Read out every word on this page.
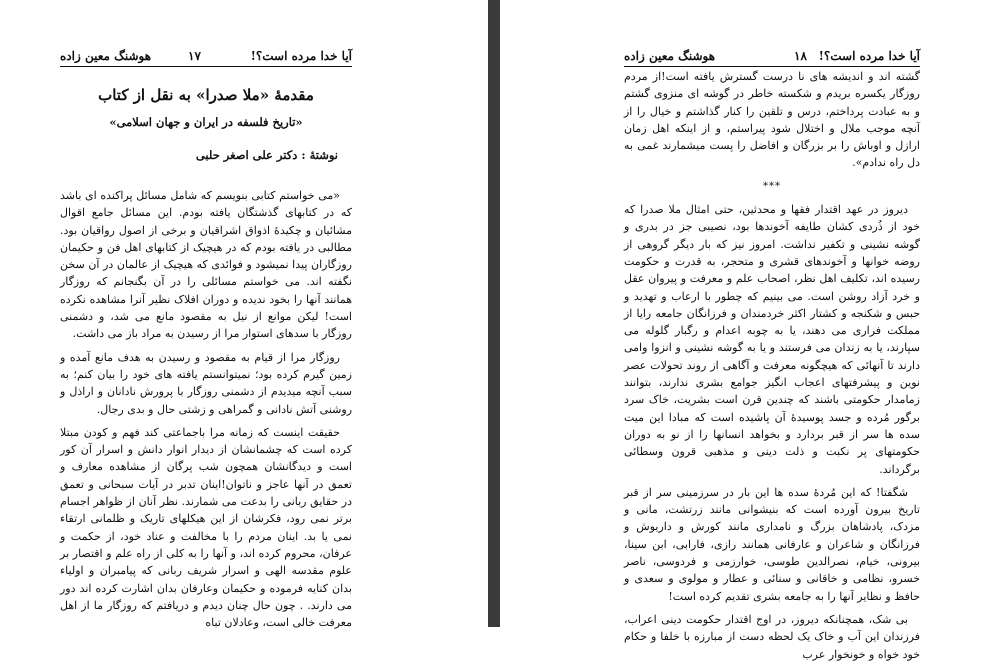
هوشنگ معین زاده	۱۷	آیا خدا مرده است؟!
مقدمهٔ «ملا صدرا» به نقل از کتاب
«تاریخ فلسفه در ایران و جهان اسلامی»
نوشتهٔ : دکتر علی اصغر حلبی

«می خواستم کتابی بنویسم که شامل مسائل پراکنده ای باشد که در کتابهای گذشتگان یافته بودم. این مسائل جامع اقوال مشائیان و چکیدهٔ اذواق اشراقیان و برخی از اصول رواقیان بود. مطالبی در یافته بودم که در هیچیک از کتابهای اهل فن و حکیمان روزگاران پیدا نمیشود و فوائدی که هیچیک از عالمان در آن سخن نگفته اند. می خواستم مسائلی را در آن بگنجانم که روزگار همانند آنها را بخود ندیده و دوران افلاک نظیر آنرا مشاهده نکرده است! لیکن موانع از نیل به مقصود مانع می شد، و دشمنی روزگار با سدهای استوار مرا از رسیدن به مراد باز می داشت.

روزگار مرا از قیام به مقصود و رسیدن به هدف مانع آمده و زمین گیرم کرده بود؛ نمیتوانستم یافته های خود را بیان کنم؛ به سبب آنچه میدیدم از دشمنی روزگار با پرورش نادانان و اراذل و روشنی آتش نادانی و گمراهی و زشتی حال و بدی رجال.

حقیقت اینست که زمانه مرا باجماعتی کند فهم و کودن مبتلا کرده است که چشمانشان از دیدار انوار دانش و اسرار آن کور است و دیدگانشان همچون شب پرگان از مشاهده معارف و تعمق در آنها عاجز و ناتوان!اینان تدبر در آیات سبحانی و تعمق در حقایق ربانی را بدعت می شمارند. نظر آنان از ظواهر اجسام برتر نمی رود، فکرشان از این هیکلهای تاریک و ظلمانی ارتقاء نمی یا بد. اینان مردم را با مخالفت و عناد خود، از حکمت و عرفان، محروم کرده اند، و آنها را به کلی از راه علم و اقتصار بر علوم مقدسه الهی و اسرار شریف ربانی که پیامبران و اولیاء بدان کنایه فرموده و حکیمان وعارفان بدان اشارت کرده اند دور می دارند. . چون حال چنان دیدم و دریافتم که روزگار ما از اهل معرفت خالی است، وعادلان تباه

هوشنگ معین زاده	۱۸ آیا خدا مرده است؟!

گشته اند و اندیشه های نا درست گسترش یافته است!از مردم روزگار یکسره بریدم و شکسته خاطر در گوشه ای منزوی گشتم و به عبادت پرداختم، درس و تلقین را کنار گذاشتم و خیال را از آنچه موجب ملال و اختلال شود پیراستم، و از اینکه اهل زمان ارازل و اوباش را بر بزرگان و افاضل را پست میشمارند غمی به دل راه ندادم».

***

دیروز در عهد اقتدار فقها و محدثین، حتی امثال ملا صدرا که خود از ذُردی کشان طایفه آخوندها بود، نصیبی جز در بدری و گوشه نشینی و تکفیر نداشت. امروز نیز که بار دیگر گروهی از روضه خوانها و آخوندهای قشری و متحجر، به قدرت و حکومت رسیده اند، تکلیف اهل نظر، اصحاب علم و معرفت و پیروان عقل و خرد آزاد روشن است. می بینیم که چطور با ارعاب و تهدید و حبس و شکنجه و کشتار اکثر خردمندان و فرزانگان جامعه رایا از مملکت فراری می دهند، یا به چوبه اعدام و رگبار گلوله می سپارند، یا به زندان می فرستند و یا به گوشه نشینی و انزوا وامی دارند تا آنهائی که هیچگونه معرفت و آگاهی از روند تحولات عصر نوین و پیشرفتهای اعجاب انگیز جوامع بشری ندارند، بتوانند زمامدار حکومتی باشند که چندین قرن است بشریت، خاک سرد برگور مُرده و جسد پوسیدهٔ آن پاشیده است که مبادا این میت سده ها سر از قبر بردارد و بخواهد انسانها را از نو به دوران حکومتهای پر نکبت و ذلت دینی و مذهبی قرون وسطائی برگرداند.

شگفتا! که این مُردهٔ سده ها این بار در سرزمینی سر از قبر تاریخ بیرون آورده است که بنیشوانی مانند زرتشت، مانی و مزدک، پادشاهان بزرگ و نامداری مانند کورش و داریوش و فرزانگان و شاعران و عارفانی همانند رازی، فارابی، ابن سینا، بیرونی، خیام، نصرالدین طوسی، خوارزمی و فردوسی، ناصر خسرو، نظامی و خاقانی و سنائی و عطار و مولوی و سعدی و حافظ و نظایر آنها را به جامعه بشری تقدیم کرده است!

بی شک، همچنانکه دیروز، در اوج اقتدار حکومت دینی اعراب، فرزندان این آب و خاک یک لحظه دست از مبارزه با خلفا و حکام خود خواه و خونخوار عرب
